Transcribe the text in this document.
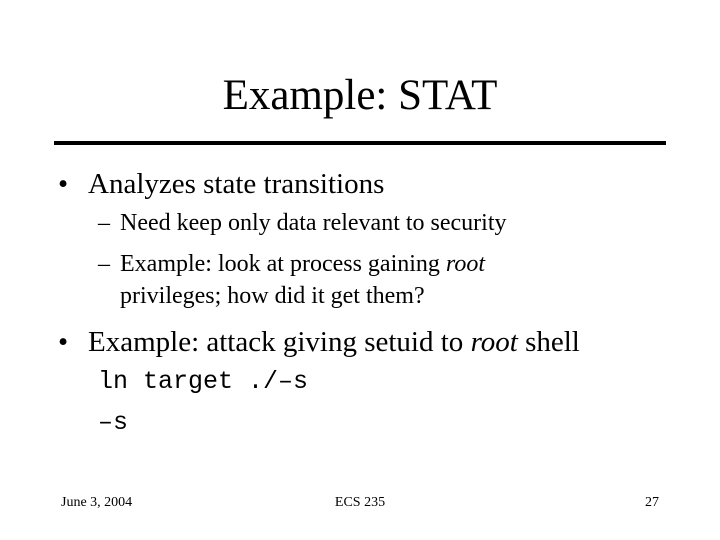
Example: STAT
• Analyzes state transitions
– Need keep only data relevant to security
– Example: look at process gaining root
privileges; how did it get them?
• Example: attack giving setuid to root shell
ln target ./–s
–s
June 3, 2004	ECS 235	27
